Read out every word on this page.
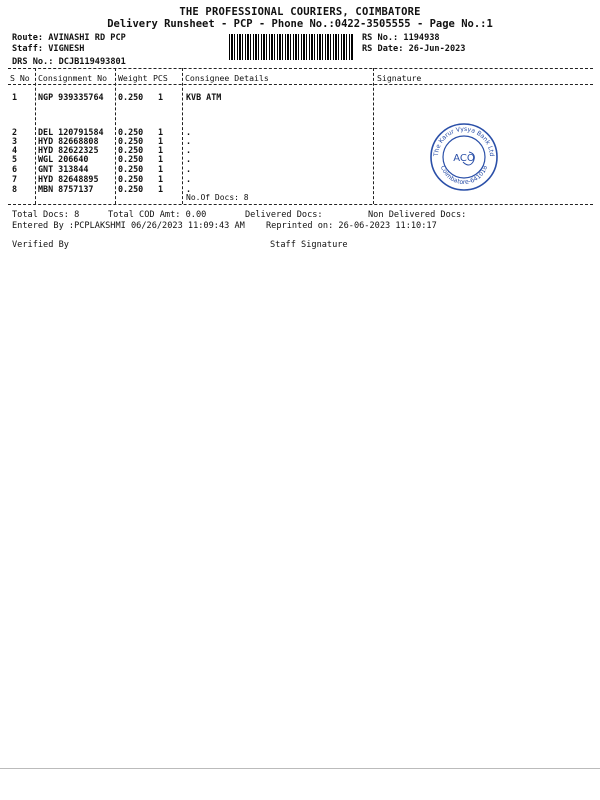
THE PROFESSIONAL COURIERS, COIMBATORE
Delivery Runsheet - PCP - Phone No.:0422-3505555 - Page No.:1
Route: AVINASHI RD PCP
Staff: VIGNESH
DRS No.: DCJB119493801
RS No.: 1194938
RS Date: 26-Jun-2023
S No Consignment No Weight PCS Consignee Details	Signature
1 NGP 939335764 0.250 1	KVB ATM
2 DEL 120791584 0.250 1	.
3 HYD 82668808 0.250 1	.
4 HYD 82622325 0.250 1	.
5 WGL 206640	0.250 1	.
6 GNT 313844	0.250 1	.
7 HYD 82648895 0.250 1	.
8 MBN 8757137	0.250 1	.
No.Of Docs: 8
The Karur Vysya Bank Ltd
Coimbatore-641018
ACO
Total Docs: 8	Total COD Amt: 0.00	Delivered Docs:	Non Delivered Docs:
Entered By :PCPLAKSHMI 06/26/2023 11:09:43 AM Reprinted on: 26-06-2023 11:10:17
Verified By	Staff Signature
